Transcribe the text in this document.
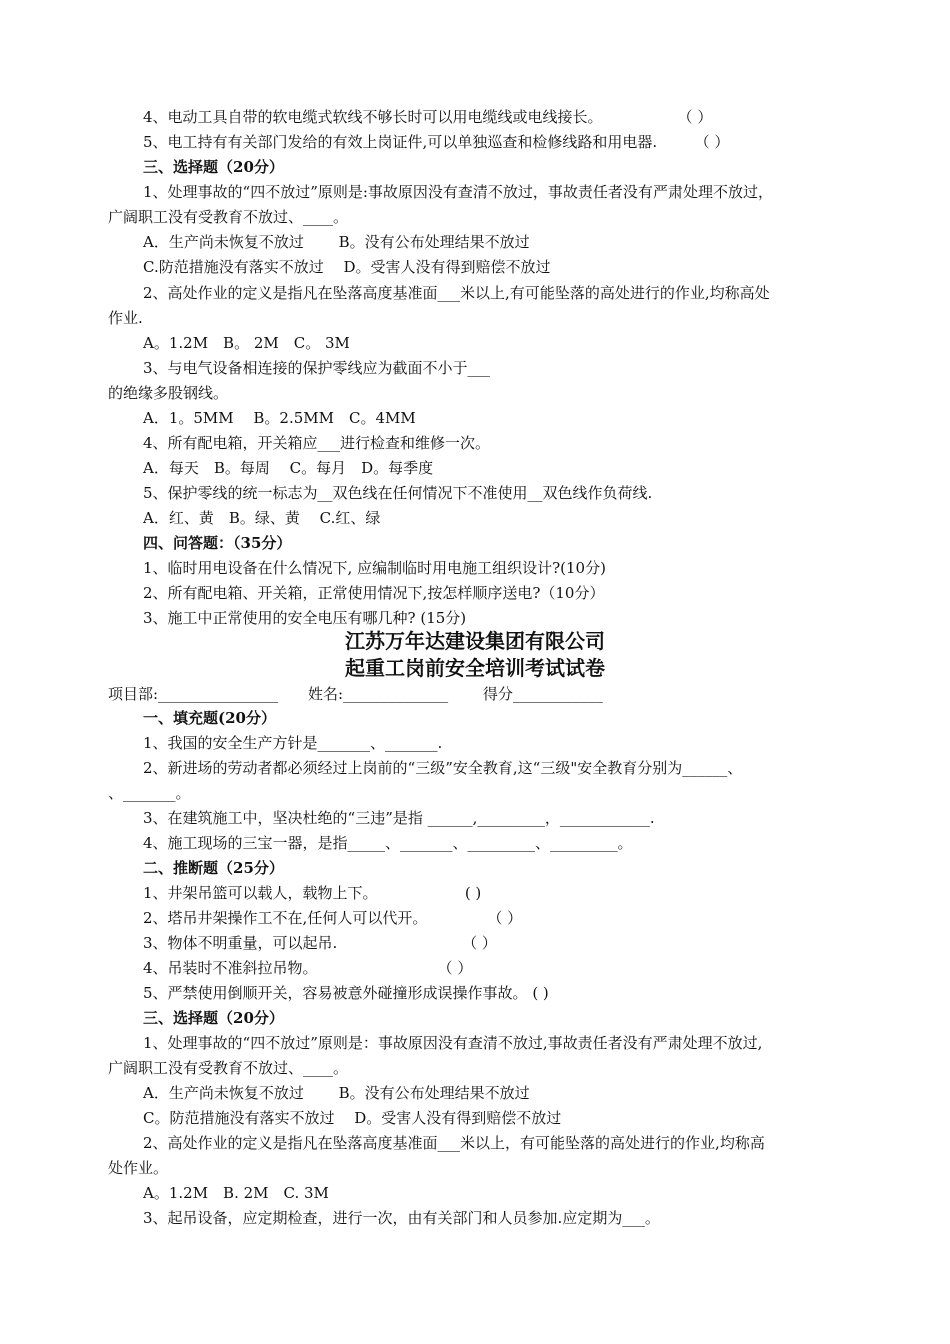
4、电动工具自带的软电缆式软线不够长时可以用电缆线或电线接长。　　　　　　（ ）
5、电工持有有关部门发给的有效上岗证件,可以单独巡查和检修线路和用电器.　　　（ ）
三、选择题（20分）
1、处理事故的“四不放过”原则是:事故原因没有查清不放过，事故责任者没有严肃处理不放过，
广阔职工没有受教育不放过、____。
A．生产尚未恢复不放过　　 B。没有公布处理结果不放过
C.防范措施没有落实不放过　 D。受害人没有得到赔偿不放过
2、高处作业的定义是指凡在坠落高度基准面___米以上,有可能坠落的高处进行的作业,均称高处
作业.
A。1.2M　B。 2M　C。 3M
3、与电气设备相连接的保护零线应为截面不小于___
的绝缘多股钢线。
A．1。5MM　 B。2.5MM　C。4MM
4、所有配电箱，开关箱应___进行检查和维修一次。
A．每天　B。每周　 C。每月　D。每季度
5、保护零线的统一标志为__双色线在任何情况下不准使用__双色线作负荷线.
A．红、黄　B。绿、黄　 C.红、绿
四、问答题：（35分）
1、临时用电设备在什么情况下, 应编制临时用电施工组织设计?(10分)
2、所有配电箱、开关箱，正常使用情况下,按怎样顺序送电?（10分）
3、施工中正常使用的安全电压有哪几种? (15分)
江苏万年达建设集团有限公司
起重工岗前安全培训考试试卷
项目部:________________　　姓名:______________　　 得分____________
一、填充题(20分）
1、我国的安全生产方针是_______、_______.
2、新进场的劳动者都必须经过上岗前的“三级”安全教育,这“三级"安全教育分别为______、
、_______。
3、在建筑施工中，坚决杜绝的“三违”是指 ______,_________，____________.
4、施工现场的三宝一器，是指_____、_______、_________、_________。
二、推断题（25分）
1、井架吊篮可以载人，载物上下。　　　　　　 ( )
2、塔吊井架操作工不在,任何人可以代开。　　　　　（ ）
3、物体不明重量，可以起吊.　　　　　　　　 （ ）
4、吊装时不准斜拉吊物。　　　　　　　　　（ ）
5、严禁使用倒顺开关，容易被意外碰撞形成误操作事故。 ( )
三、选择题（20分）
1、处理事故的“四不放过”原则是：事故原因没有查清不放过,事故责任者没有严肃处理不放过,
广阔职工没有受教育不放过、____。
A．生产尚未恢复不放过　　 B。没有公布处理结果不放过
C。防范措施没有落实不放过　 D。受害人没有得到赔偿不放过
2、高处作业的定义是指凡在坠落高度基准面___米以上，有可能坠落的高处进行的作业,均称高
处作业。
A。1.2M　B. 2M　C. 3M
3、起吊设备，应定期检查，进行一次，由有关部门和人员参加.应定期为___。
